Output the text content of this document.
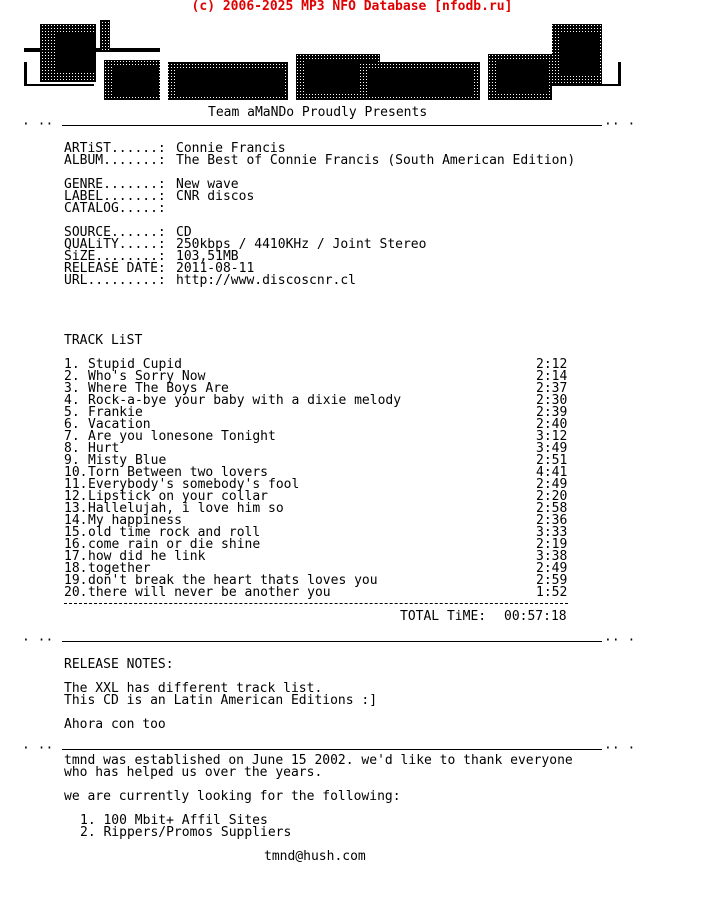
(c) 2006-2025 MP3 NFO Database [nfodb.ru]
Team aMaNDo Proudly Presents
· ··	·· ·
ARTiST......: Connie Francis
ALBUM.......: The Best of Connie Francis (South American Edition)
GENRE.......: New wave
LABEL.......: CNR discos
CATALOG.....:
SOURCE......: CD
QUALiTY.....: 250kbps / 4410KHz / Joint Stereo
SiZE........: 103,51MB
RELEASE DATE: 2011-08-11
URL.........: http://www.discoscnr.cl
TRACK LiST
1. Stupid Cupid	2:12
2. Who's Sorry Now	2:14
3. Where The Boys Are	2:37
4. Rock-a-bye your baby with a dixie melody	2:30
5. Frankie	2:39
6. Vacation	2:40
7. Are you lonesone Tonight	3:12
8. Hurt	3:49
9. Misty Blue	2:51
10. Torn Between two lovers	4:41
11. Everybody's somebody's fool	2:49
12. Lipstick on your collar	2:20
13. Hallelujah, i love him so	2:58
14. My happiness	2:36
15. old time rock and roll	3:33
16. come rain or die shine	2:19
17. how did he link	3:38
18. together	2:49
19. don't break the heart thats loves you	2:59
20. there will never be another you	1:52
TOTAL TiME: 00:57:18
· ··	·· ·
RELEASE NOTES:
The XXL has different track list.
This CD is an Latin American Editions :]
Ahora con too
· ··	·· ·
tmnd was established on June 15 2002. we'd like to thank everyone
who has helped us over the years.
we are currently looking for the following:
1. 100 Mbit+ Affil Sites
2. Rippers/Promos Suppliers
tmnd@hush.com
